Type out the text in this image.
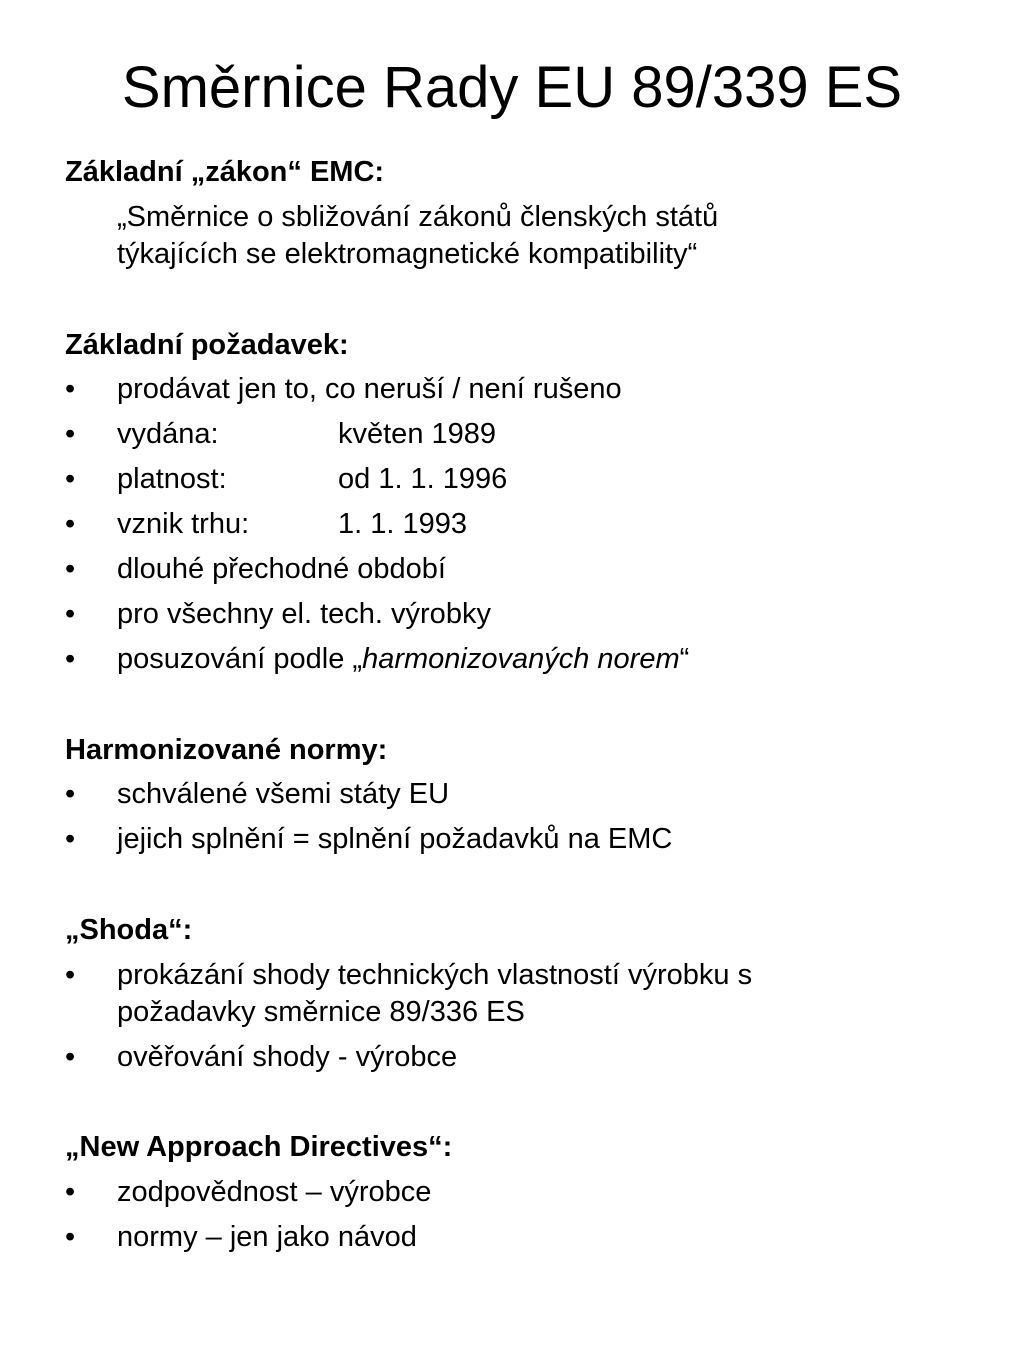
Směrnice Rady EU 89/339 ES
Základní „zákon“ EMC:
„Směrnice o sbližování zákonů členských států
týkajících se elektromagnetické kompatibility“
Základní požadavek:
•	prodávat jen to, co neruší / není rušeno
•	vydána:	květen 1989
•	platnost:	od 1. 1. 1996
•	vznik trhu:	1. 1. 1993
•	dlouhé přechodné období
•	pro všechny el. tech. výrobky
•	posuzování podle „harmonizovaných norem“
Harmonizované normy:
•	schválené všemi státy EU
•	jejich splnění = splnění požadavků na EMC
„Shoda“:
•	prokázání shody technických vlastností výrobku s
požadavky směrnice 89/336 ES
•	ověřování shody - výrobce
„New Approach Directives“:
•	zodpovědnost – výrobce
•	normy – jen jako návod
